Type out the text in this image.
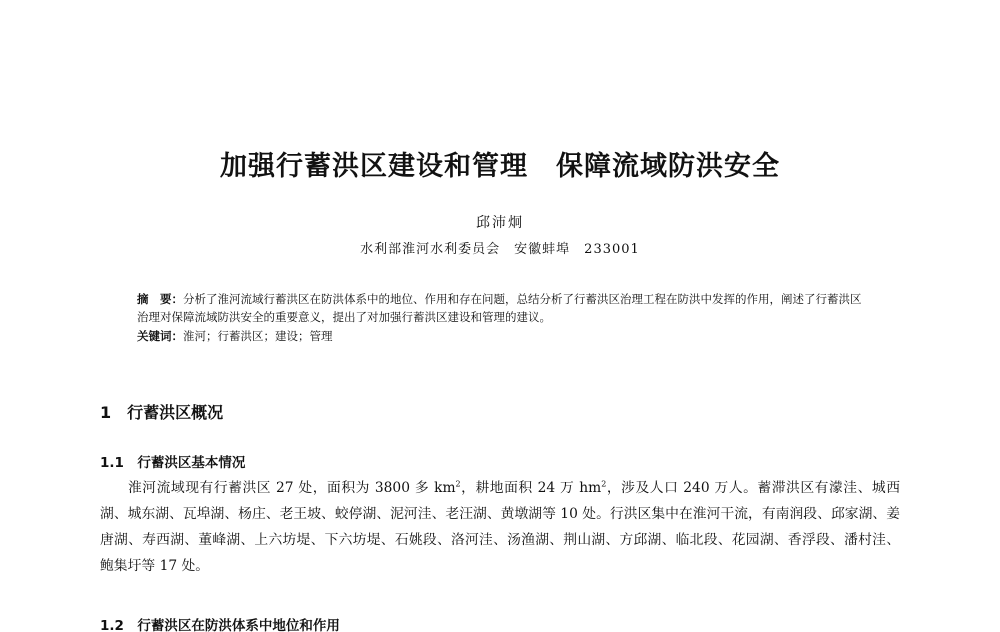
加强行蓄洪区建设和管理　保障流域防洪安全
邱沛炯
水利部淮河水利委员会　安徽蚌埠　233001

摘　要：分析了淮河流域行蓄洪区在防洪体系中的地位、作用和存在问题，总结分析了行蓄洪区治理工程在防洪中发挥的作用，阐述了行蓄洪区治理对保障流域防洪安全的重要意义，提出了对加强行蓄洪区建设和管理的建议。

关键词：淮河；行蓄洪区；建设；管理

1　行蓄洪区概况
1.1　行蓄洪区基本情况

淮河流域现有行蓄洪区 27 处，面积为 3800 多 $km^2$，耕地面积 24 万 $hm^2$，涉及人口 240 万人。蓄滞洪区有濛洼、城西湖、城东湖、瓦埠湖、杨庄、老王坡、蛟停湖、泥河洼、老汪湖、黄墩湖等 10 处。行洪区集中在淮河干流，有南润段、邱家湖、姜唐湖、寿西湖、董峰湖、上六坊堤、下六坊堤、石姚段、洛河洼、汤渔湖、荆山湖、方邱湖、临北段、花园湖、香浮段、潘村洼、鲍集圩等 17 处。

1.2　行蓄洪区在防洪体系中地位和作用
